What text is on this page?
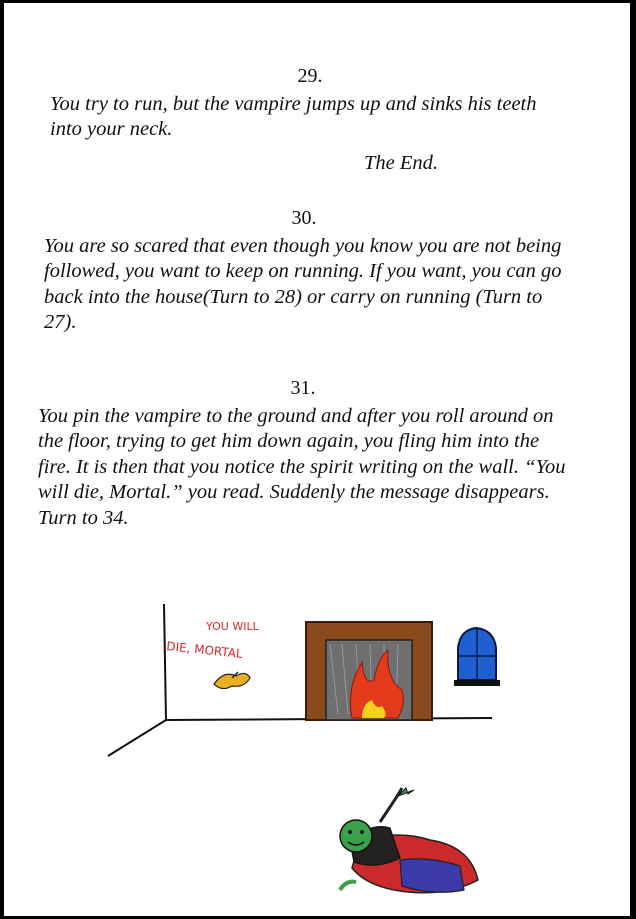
29.

You try to run, but the vampire jumps up and sinks his teeth into your neck.

The End.
30.

You are so scared that even though you know you are not being followed, you want to keep on running. If you want, you can go back into the house(Turn to 28) or carry on running (Turn to 27).

31.

You pin the vampire to the ground and after you roll around on the floor, trying to get him down again, you fling him into the fire. It is then that you notice the spirit writing on the wall. “You will die, Mortal.” you read. Suddenly the message disappears. Turn to 34.

YOU WILL
DIE, MORTAL
